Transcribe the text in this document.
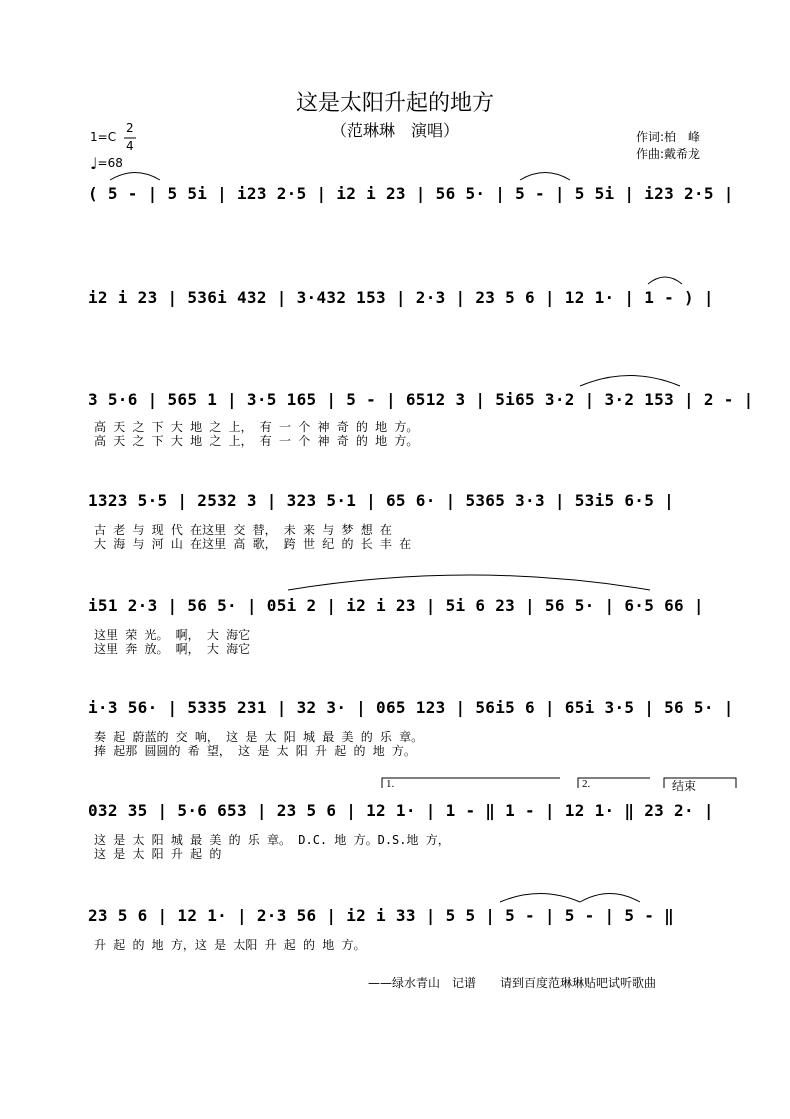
这是太阳升起的地方
（范琳琳　演唱）
1=C
2
4
♩=68
作词:柏　峰
作曲:戴希龙
( 5 - | 5 5i | i23 2·5 | i2 i 23 | 56 5· | 5 - | 5 5i | i23 2·5 |
i2 i 23 | 536i 432 | 3·432 153 | 2·3 | 23 5 6 | 12 1· | 1 - ) |
3 5·6 | 565 1 | 3·5 165 | 5 - | 6512 3 | 5i65 3·2 | 3·2 153 | 2 - |
高 天 之 下 大 地 之 上， 有 一 个 神 奇 的 地 方。
高 天 之 下 大 地 之 上， 有 一 个 神 奇 的 地 方。
1323 5·5 | 2532 3 | 323 5·1 | 65 6· | 5365 3·3 | 53i5 6·5 |
古 老 与 现 代 在这里 交 替， 未 来 与 梦 想 在
大 海 与 河 山 在这里 高 歌， 跨 世 纪 的 长 丰 在
i51 2·3 | 56 5· | 05i 2 | i2 i 23 | 5i 6 23 | 56 5· | 6·5 66 |
这里 荣 光。 啊， 大 海它
这里 奔 放。 啊， 大 海它
i·3 56· | 5335 231 | 32 3· | 065 123 | 56i5 6 | 65i 3·5 | 56 5· |
奏 起 蔚蓝的 交 响， 这 是 太 阳 城 最 美 的 乐 章。
捧 起那 圆圆的 希 望， 这 是 太 阳 升 起 的 地 方。
1.	2.	结束
032 35 | 5·6 653 | 23 5 6 | 12 1· | 1 - ‖ 1 - | 12 1· ‖ 23 2· |
这 是 太 阳 城 最 美 的 乐 章。 D.C. 地 方。D.S.地 方，
这 是 太 阳 升 起 的
23 5 6 | 12 1· | 2·3 56 | i2 i 33 | 5 5 | 5 - | 5 - | 5 - ‖
升 起 的 地 方，这 是 太阳 升 起 的 地 方。
——绿水青山　记谱　　请到百度范琳琳贴吧试听歌曲
